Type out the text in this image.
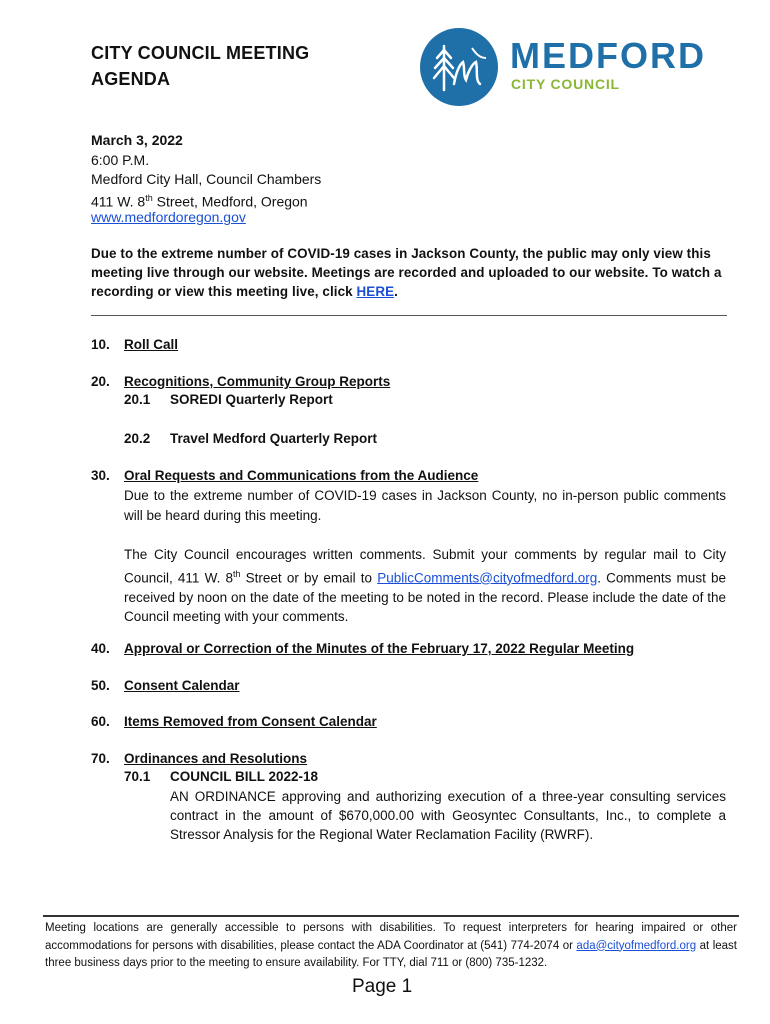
CITY COUNCIL MEETING
AGENDA
MEDFORD
CITY COUNCIL
March 3, 2022
6:00 P.M.
Medford City Hall, Council Chambers
411 W. 8th Street, Medford, Oregon
www.medfordoregon.gov
Due to the extreme number of COVID-19 cases in Jackson County, the public may only view this meeting live through our website. Meetings are recorded and uploaded to our website. To watch a recording or view this meeting live, click HERE.
10. Roll Call
20. Recognitions, Community Group Reports
20.1 SOREDI Quarterly Report
20.2 Travel Medford Quarterly Report
30. Oral Requests and Communications from the Audience
Due to the extreme number of COVID-19 cases in Jackson County, no in-person public comments will be heard during this meeting.
The City Council encourages written comments. Submit your comments by regular mail to City Council, 411 W. 8th Street or by email to PublicComments@cityofmedford.org. Comments must be received by noon on the date of the meeting to be noted in the record. Please include the date of the Council meeting with your comments.
40. Approval or Correction of the Minutes of the February 17, 2022 Regular Meeting
50. Consent Calendar
60. Items Removed from Consent Calendar
70. Ordinances and Resolutions
70.1 COUNCIL BILL 2022-18
AN ORDINANCE approving and authorizing execution of a three-year consulting services contract in the amount of $670,000.00 with Geosyntec Consultants, Inc., to complete a Stressor Analysis for the Regional Water Reclamation Facility (RWRF).
Meeting locations are generally accessible to persons with disabilities. To request interpreters for hearing impaired or other accommodations for persons with disabilities, please contact the ADA Coordinator at (541) 774-2074 or ada@cityofmedford.org at least three business days prior to the meeting to ensure availability. For TTY, dial 711 or (800) 735-1232.
Page 1
